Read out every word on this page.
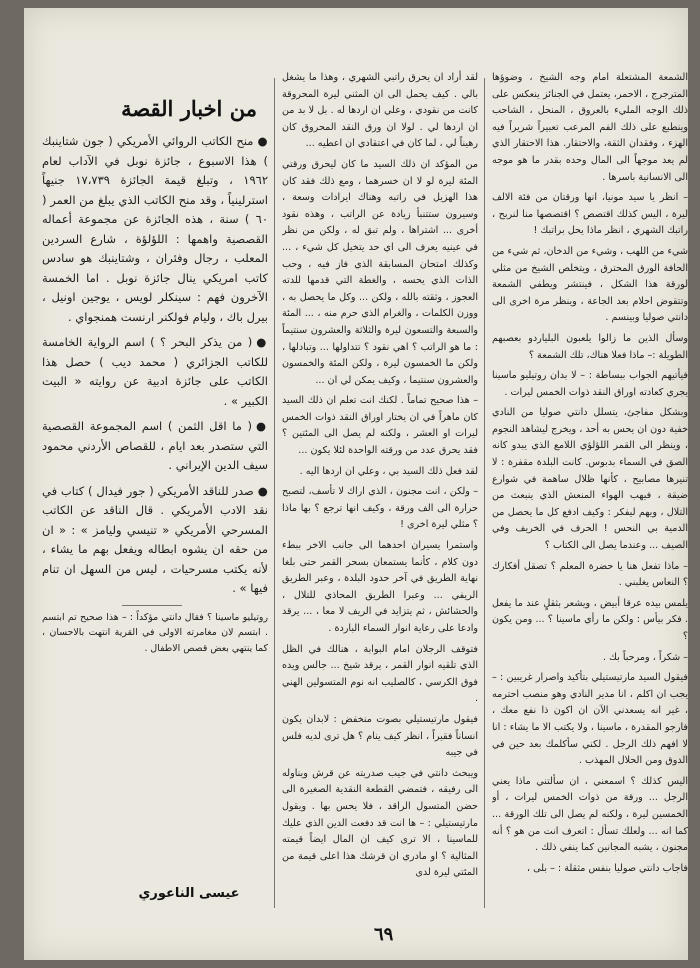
الشمعة المشتعلة امام وجه الشيخ ، وضوؤها المترجرج ، الاحمر، يعتمل في الجنائز ينعكس على ذلك الوجه المليء بالعروق ، المنحل ، الشاحب وينطبع على ذلك الفم المرعب تعبيراً شريراً فيه الهزء ، وفقدان الثقة، والاحتقار. هذا الاحتقار الذي لم يعد موجهاً الى المال وحده بقدر ما هو موجه الى الانسانية باسرها .

– انظر يا سيد مونيا، انها ورقتان من فئة الالف ليرة ، اليس كذلك اقتصص ؟ اقتصصها منا لنربح ، راتبك الشهري ، انظر ماذا يحل براتبك !

شيء من اللهب ، وشيء من الدخان، ثم شيء من الحافة الورق المحترق ، ويتخلص الشيخ من مثلي لورقة هذا الشكل ، فينتشر ويطفي الشمعة وتتقوض احلام بعد الجاعة ، وينظر مرة اخرى الى دانتي صوليا وبينسم .

وسأل الذين ما زالوا يلعبون البلياردو بعصبهم الطويلة :– ماذا فعلا هناك، تلك الشمعة ؟

فيأتيهم الجواب ببساطة : – لا بدان روتيليو ماسينا يجري كعادته اوراق النقد ذوات الخمس ليرات .

وبشكل مفاجئ، يتسلل دانتي صوليا من النادي خفية دون ان يحس به أحد ، ويخرج ليشاهد النجوم ، وينظر الى القمر اللؤلؤي اللامع الذي يبدو كانه الصق في السماء بدبوس. كانت البلدة مقفرة : لا تنيرها مصابيح ، كأنها ظلال ساهمة في شوارع ضيقة ، فيهب الهواء المنعش الذي ينبعث من التلال ، ويهم ليفكر : وكيف ادفع كل ما يحصل من الدمية بي النحس ! الحرف في الخريف وفي الصيف ... وعندما يصل الى الكتاب ؟

– ماذا تفعل هنا يا حضرة المعلم ؟ تصقل أفكارك ؟ النعاس يغلبني .

يلمس بيده عرقا أبيض ، ويشعر بثقلٍ عند ما يفعل . فكر بيأس : ولكن ما رأي ماسينا ؟ ... ومن يكون ؟

– شكراً ، ومرحباً بك .

فيقول السيد مارتيستيلي بتأكيد واصرار غريبين : – يجب ان اكلم ، انا مدير النادي وهو منصب احترمه ، غير انه يسعدني الآن ان اكون ذا نفع معك ، فارجو المقدرة ، ماسينا ، ولا يكتب الا ما يشاء : انا لا افهم ذلك الرجل . لكني سأكلمك بعد حين في الدوق ومن الحلال المهذب .

اليس كذلك ؟ اسمعني ، ان سألتني ماذا يعني الرجل ... ورقة من ذوات الخمس ليرات ، أو الخمسين لیرة ، ولكنه لم يصل الى تلك الورقة ... كما انه ... ولعلك تسأل : اتعرف انت من هو ؟ أنه مجنون ، يشبه المجانين كما ينفي ذلك .

فاجاب دانتي صوليا بنفس مثقلة : – بلى ،

لقد أراد ان يحرق راتبي الشهري ، وهذا ما يشغل بالي . كيف يحمل الى ان المثني ليرة المحروقة كانت من نقودي ، وعلي ان اردها له . بل لا بد من ان اردها لي . لولا ان ورق النقد المحروق كان رهيناً لي ، لما كان في اعتقادي ان اعطيه ...

من المؤكد ان ذلك السيد ما كان ليحرق ورقتي المئة ليرة لو لا ان خسرهما ، ومع ذلك فقد كان هذا الهزيل في راتبه وهناك ايرادات وسعة ، وسيرون ستتنبأ زيادة عن الراتب ، وهذه نقود أخرى ... اشتراها ، ولم تبق له ، ولكن من نظر في عينيه يعرف الى اي حد يتخيل كل شيء ، ... وكذلك امتحان المسابقة الذي فاز فيه ، وحب الذات الذي يحسه ، والغطة التي قدمها للدته العجوز ، وثقته بالله ، ولكن ... وكل ما يحصل به ، ووزن الكلمات ، والغرام الذي حرم منه ، ... المئة والسبعة والتسعون ليرة والثلاثة والعشرون سنتيماً : ما هو الراتب ؟ اهي نقود ؟ تتداولها ... وتبادلها ، ولكن ما الخمسون ليرة ، ولكن المئة والخمسون والعشرون سنتيما ، وكيف يمكن لي ان ...

– هذا صحيح تماماً . لكنك انت تعلم ان ذلك السيد كان ماهراً في ان يختار اوراق النقد ذوات الخمس ليرات او العشر ، ولكنه لم يصل الى المئتين ؟ فقد يحرق عدد من ورقته الواحدة لئلا يكون ...

لقد فعل ذلك السيد بي ، وعلي ان اردها اليه .

– ولكن ، انت مجنون ، الذي اراك لا تأسف، لتصبح حرارة الى الف ورقة ، وكيف انها ترجع ؟ بها ماذا ؟ مثلي ليرة اخرى !

واستمرا يسيران احدهما الى جانب الاخر ببطء دون كلام ، كأنما يستمعان بسحر القمر حتى بلغا نهاية الطريق في آخر حدود البلدة ، وعبر الطريق الريفي ... وعبرا الطريق المحاذي للتلال ، والحشائش ، ثم يتزايد في الريف لا معا ، ... يرقد وادعا على رعاية انوار السماء الباردة .

فتوقف الرجلان امام البوابة ، هنالك في الظل الذي تلقيه انوار القمر ، يرقد شيخ ... جالس ويده فوق الكرسي ، كالصليب انه نوم المتسولين الهني .

فيقول مارتيستيلي بصوت منخفض : لابدان يكون انساناً فقيراً ، انظر كيف ينام ؟ هل ترى لديه فلس في جيبه

ويبحث دانتي في جيب صدريته عن قرش ويناوله الى رفيقه ، فتمضي القطعة النقدية الصغيرة الى حضن المتسول الراقد ، فلا يحس بها . ويقول مارتيستيلي : – ها انت قد دفعت الدين الذي عليك للماسينا ، الا ترى كيف ان المال ايضاً قيمته المثالية ؟ او مادري ان قرشك هذا اعلى قيمة من المئتي ليرة لدى

من اخبار القصة
●منح الكاتب الروائي الأمريكي ( جون شتاينبك ) هذا الاسبوع ، جائزة نوبل في الآداب لعام ١٩٦٢ ، وتبلغ قيمة الجائزة ١٧،٧٣٩ جنيهاً استرلينياً ، وقد منح الكاتب الذي يبلغ من العمر ( ٦٠ ) سنة ، هذه الجائزة عن مجموعة أعماله القصصية واهمها : اللؤلؤة ، شارع السردين المعلب ، رجال وفئران ، وشتاينبك هو سادس كاتب امريكي ينال جائزة نوبل . اما الخمسة الآخرون فهم : سينكلر لويس ، يوجين اونيل ، بيرل باك ، وليام فولكنر ارنست همنجواي .
●( من يذكر البحر ؟ ) اسم الرواية الخامسة للكاتب الجزائري ( محمد ديب ) حصل هذا الكاتب على جائزة ادبية عن روايته « البيت الكبير » .
●( ما اقل الثمن ) اسم المجموعة القصصية التي ستصدر بعد ايام ، للقصاص الأردني محمود سيف الدين الإيراني .
●صدر للناقد الأمريكي ( جور فيدال ) كتاب في نقد الادب الأمريكي . قال الناقد عن الكاتب المسرحي الأمريكي « تنيسي وليامز » : « ان من حقه ان يشوه ابطاله ويفعل بهم ما يشاء ، لأنه يكتب مسرحيات ، ليس من السهل ان تنام فيها » .
روتيليو ماسينا ؟ فقال دانتي مؤكداً : – هذا صحيح تم ابتسم . ابتسم لان مغامرته الاولى في القرية انتهت بالاحسان ، كما ينتهي بعض قصص الاطفال .
عيسى الناعوري
٦٩
